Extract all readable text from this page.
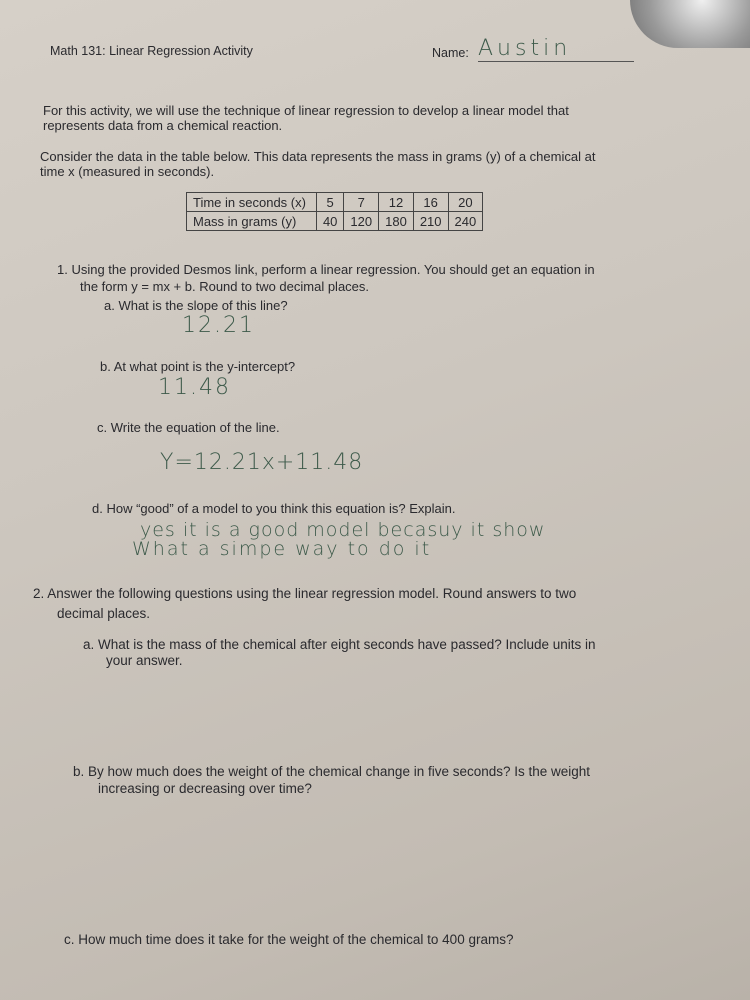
Math 131: Linear Regression Activity	Name: Austin
For this activity, we will use the technique of linear regression to develop a linear model that
represents data from a chemical reaction.
Consider the data in the table below. This data represents the mass in grams (y) of a chemical at
time x (measured in seconds).
Time in seconds (x)	5	7	12	16	20
Mass in grams (y)	40	120	180	210	240
1. Using the provided Desmos link, perform a linear regression. You should get an equation in
the form y = mx + b. Round to two decimal places.
a. What is the slope of this line?
12.21
b. At what point is the y-intercept?
11.48
c. Write the equation of the line.
Y=12.21x+11.48
d. How “good” of a model to you think this equation is? Explain.
yes it is a good model becasuy it show
What a simpe way to do it
2. Answer the following questions using the linear regression model. Round answers to two
decimal places.
a. What is the mass of the chemical after eight seconds have passed? Include units in
your answer.
b. By how much does the weight of the chemical change in five seconds? Is the weight
increasing or decreasing over time?
c. How much time does it take for the weight of the chemical to 400 grams?
